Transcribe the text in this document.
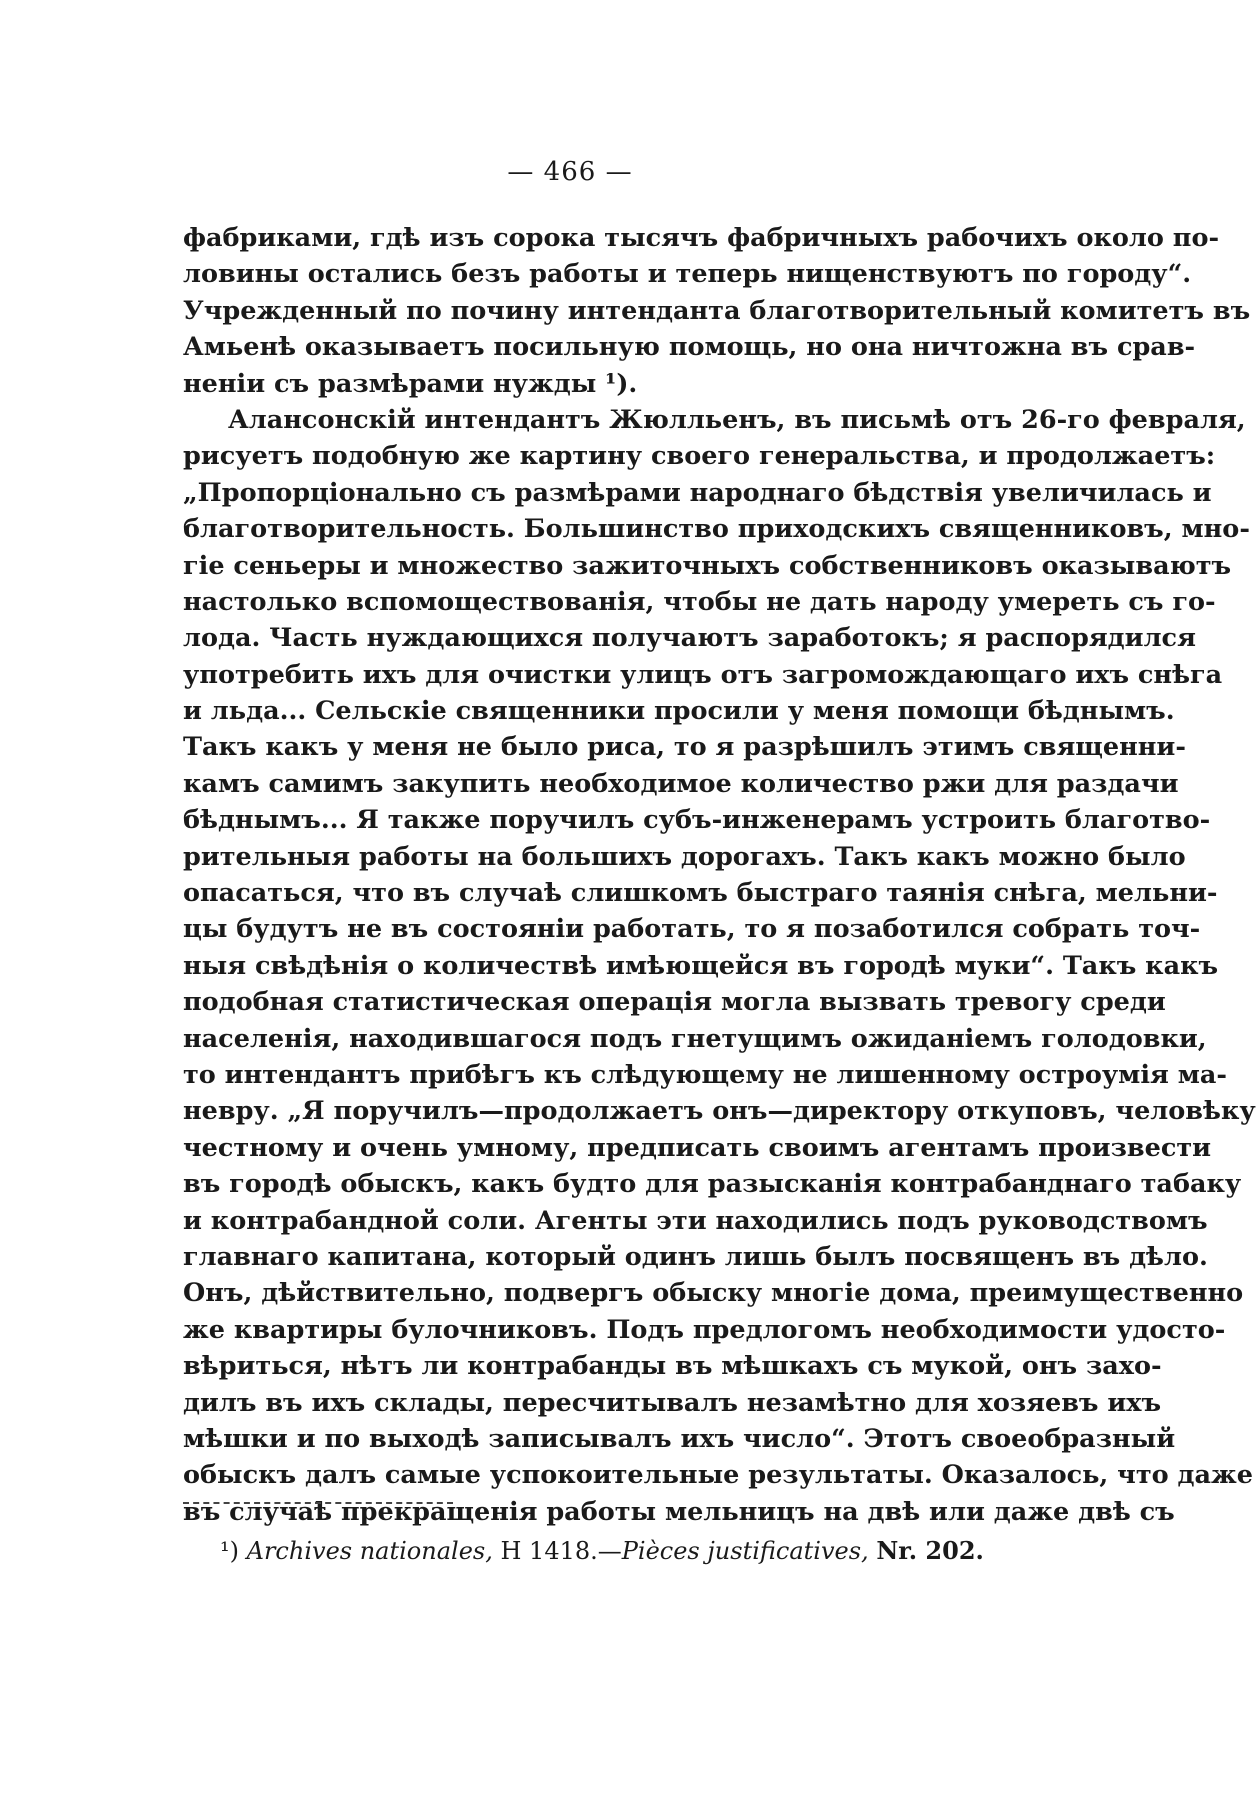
— 466 —
фабриками, гдѣ изъ сорока тысячъ фабричныхъ рабочихъ около по-
ловины остались безъ работы и теперь нищенствуютъ по городу“.
Учрежденный по почину интенданта благотворительный комитетъ въ
Амьенѣ оказываетъ посильную помощь, но она ничтожна въ срав-
неніи съ размѣрами нужды ¹).
Алансонскій интендантъ Жюлльенъ, въ письмѣ отъ 26-го февраля,
рисуетъ подобную же картину своего генеральства, и продолжаетъ:
„Пропорціонально съ размѣрами народнаго бѣдствія увеличилась и
благотворительность. Большинство приходскихъ священниковъ, мно-
гіе сеньеры и множество зажиточныхъ собственниковъ оказываютъ
настолько вспомоществованія, чтобы не дать народу умереть съ го-
лода. Часть нуждающихся получаютъ заработокъ; я распорядился
употребить ихъ для очистки улицъ отъ загромождающаго ихъ снѣга
и льда... Сельскіе священники просили у меня помощи бѣднымъ.
Такъ какъ у меня не было риса, то я разрѣшилъ этимъ священни-
камъ самимъ закупить необходимое количество ржи для раздачи
бѣднымъ... Я также поручилъ субъ-инженерамъ устроить благотво-
рительныя работы на большихъ дорогахъ. Такъ какъ можно было
опасаться, что въ случаѣ слишкомъ быстраго таянія снѣга, мельни-
цы будутъ не въ состояніи работать, то я позаботился собрать точ-
ныя свѣдѣнія о количествѣ имѣющейся въ городѣ муки“. Такъ какъ
подобная статистическая операція могла вызвать тревогу среди
населенія, находившагося подъ гнетущимъ ожиданіемъ голодовки,
то интендантъ прибѣгъ къ слѣдующему не лишенному остроумія ма-
невру. „Я поручилъ—продолжаетъ онъ—директору откуповъ, человѣку
честному и очень умному, предписать своимъ агентамъ произвести
въ городѣ обыскъ, какъ будто для разысканія контрабанднаго табаку
и контрабандной соли. Агенты эти находились подъ руководствомъ
главнаго капитана, который одинъ лишь былъ посвященъ въ дѣло.
Онъ, дѣйствительно, подвергъ обыску многіе дома, преимущественно
же квартиры булочниковъ. Подъ предлогомъ необходимости удосто-
вѣриться, нѣтъ ли контрабанды въ мѣшкахъ съ мукой, онъ захо-
дилъ въ ихъ склады, пересчитывалъ незамѣтно для хозяевъ ихъ
мѣшки и по выходѣ записывалъ ихъ число“. Этотъ своеобразный
обыскъ далъ самые успокоительные результаты. Оказалось, что даже
въ случаѣ прекращенія работы мельницъ на двѣ или даже двѣ съ
¹) Archives nationales, H 1418.—Pièces justificatives, Nr. 202.
